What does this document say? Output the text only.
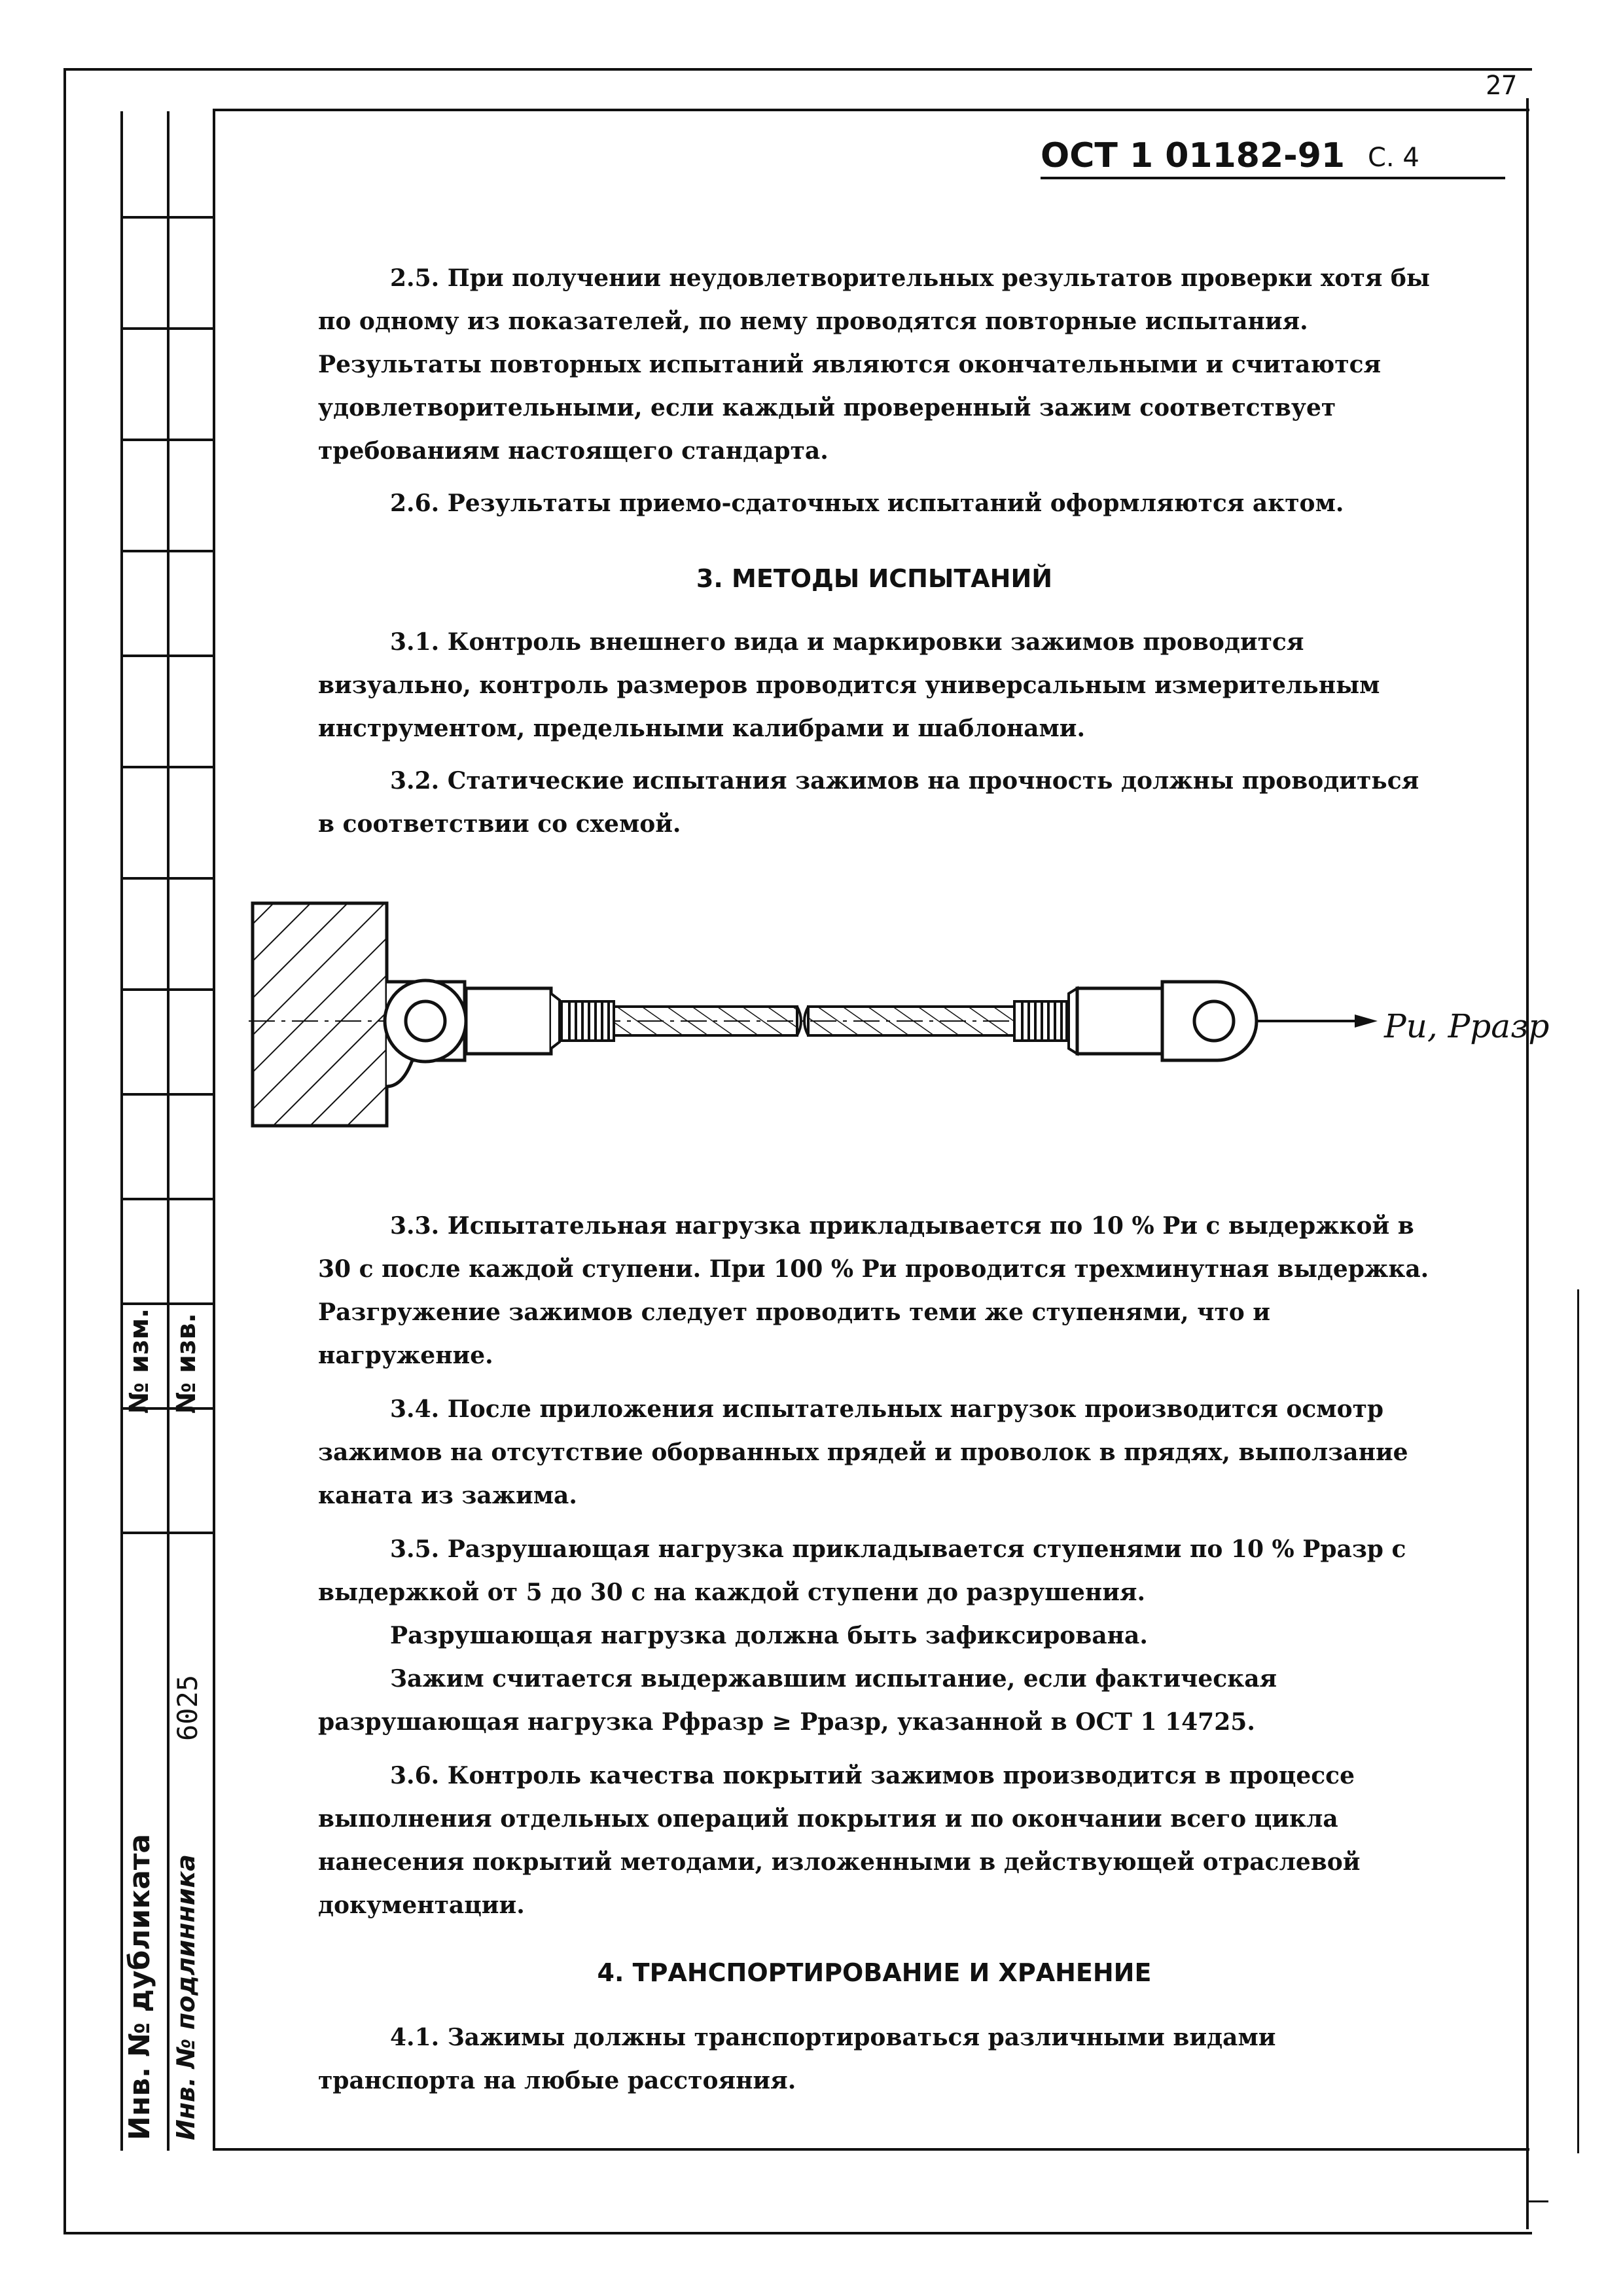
№ изм. № изв.
6025
Инв. № дубликата Инв. № подлинника
27
ОСТ 1 01182-91 С. 4

2.5. При получении неудовлетворительных результатов проверки хотя бы по одному из показателей, по нему проводятся повторные испытания. Результаты повторных испытаний являются окончательными и считаются удовлетворительными, если каждый проверенный зажим соответствует требованиям настоящего стандарта.

2.6. Результаты приемо-сдаточных испытаний оформляются актом.

3. МЕТОДЫ ИСПЫТАНИЙ

3.1. Контроль внешнего вида и маркировки зажимов проводится визуально, контроль размеров проводится универсальным измерительным инструментом, предельными калибрами и шаблонами.

3.2. Статические испытания зажимов на прочность должны проводиться в соответствии со схемой.

Ри, Рразр

3.3. Испытательная нагрузка прикладывается по 10 % Ри с выдержкой в 30 с после каждой ступени. При 100 % Ри проводится трехминутная выдержка. Разгружение зажимов следует проводить теми же ступенями, что и нагружение.

3.4. После приложения испытательных нагрузок производится осмотр зажимов на отсутствие оборванных прядей и проволок в прядях, выползание каната из зажима.

3.5. Разрушающая нагрузка прикладывается ступенями по 10 % Рразр с выдержкой от 5 до 30 с на каждой ступени до разрушения.

Разрушающая нагрузка должна быть зафиксирована.

Зажим считается выдержавшим испытание, если фактическая разрушающая нагрузка Рфразр ≥ Рразр, указанной в ОСТ 1 14725.

3.6. Контроль качества покрытий зажимов производится в процессе выполнения отдельных операций покрытия и по окончании всего цикла нанесения покрытий методами, изложенными в действующей отраслевой документации.

4. ТРАНСПОРТИРОВАНИЕ И ХРАНЕНИЕ

4.1. Зажимы должны транспортироваться различными видами транспорта на любые расстояния.
